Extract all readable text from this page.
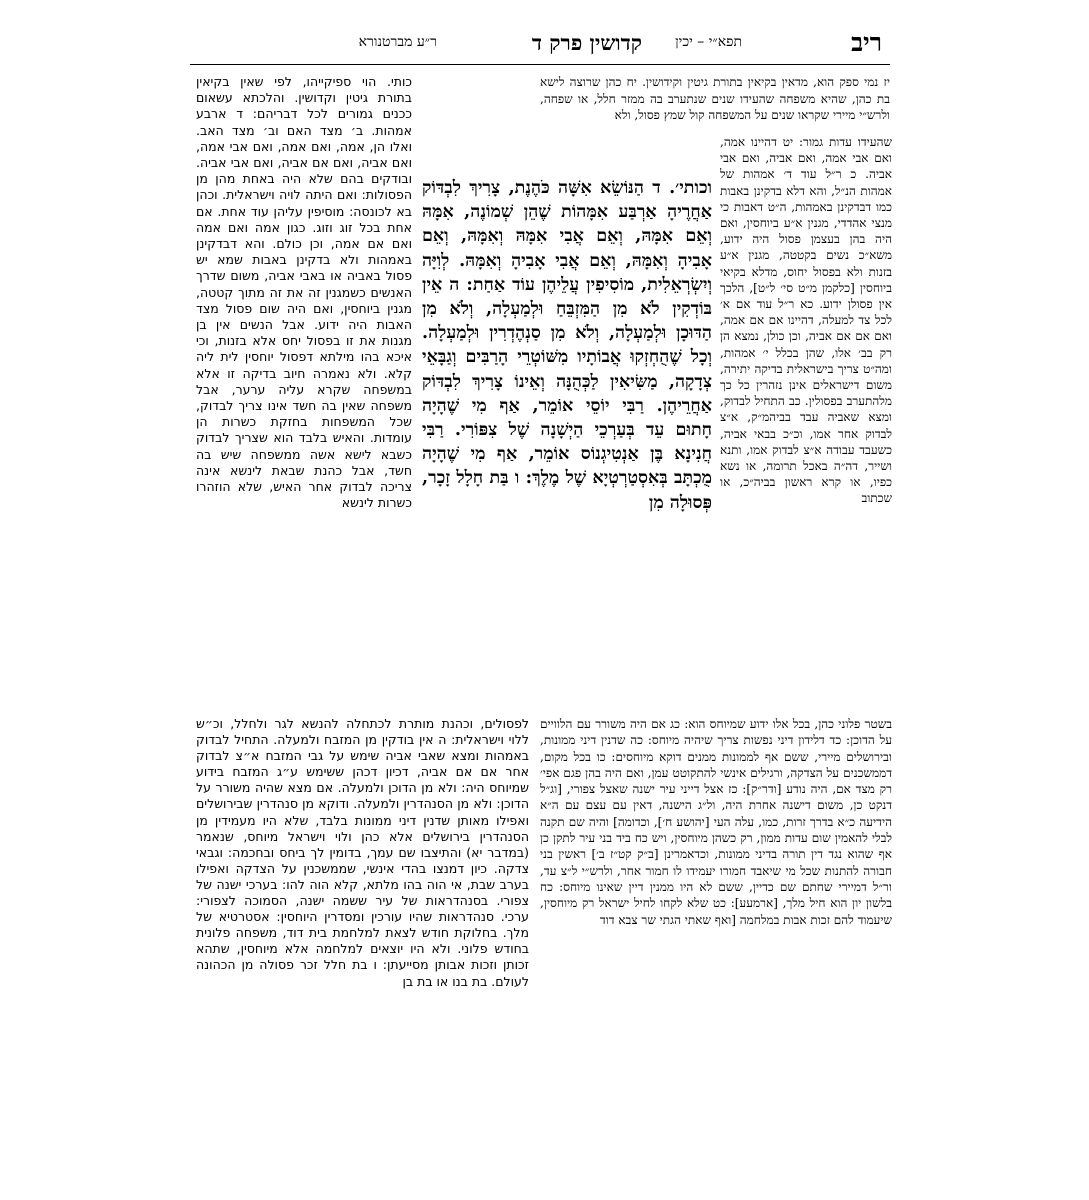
ריב
תפא״י – יכין
קדושין פרק ד
ר״ע מברטנורא

יז נמי ספק הוא, מדאין בקיאין בתורת גיטין וקידושין. יח כהן שרוצה לישא בת כהן, שהיא משפחה שהעידו שנים שנתערב בה ממזר חלל, או שפחה, ולרש״י מיירי שקראו שנים על המשפחה קול שמץ פסול, ולא

כותי. הוי ספיקייהו, לפי שאין בקיאין בתורת גיטין וקדושין. והלכתא עשאום ככנים גמורים לכל דבריהם: ד ארבע אמהות. ב׳ מצד האם וב׳ מצד האב. ואלו הן, אמה, ואם אמה, ואם אבי אמה, ואם אביה, ואם אם אביה, ואם אבי אביה. ובודקים בהם שלא היה באחת מהן מן הפסולות: ואם היתה לויה וישראלית. וכהן בא לכונסה: מוסיפין עליהן עוד אחת. אם אחת בכל זוג וזוג. כגון אמה ואם אמה ואם אם אמה, וכן כולם. והא דבדקינן באמהות ולא בדקינן באבות שמא יש פסול באביה או באבי אביה, משום שדרך האנשים כשמגנין זה את זה מתוך קטטה, מגנין ביוחסין, ואם היה שום פסול מצד האבות היה ידוע. אבל הנשים אין בן מגנות את זו בפסול יחס אלא בזנות, וכי איכא בהו מילתא דפסול יוחסין לית ליה קלא. ולא נאמרה חיוב בדיקה זו אלא במשפחה שקרא עליה ערער, אבל משפחה שאין בה חשד אינו צריך לבדוק, שכל המשפחות בחזקת כשרות הן עומדות. והאיש בלבד הוא שצריך לבדוק כשבא לישא אשה ממשפחה שיש בה חשד, אבל כהנת שבאת לינשא אינה צריכה לבדוק אחר האיש, שלא הוזהרו כשרות לינשא

וכותי׳. ד הַנּוֹשֵׂא אִשָּׁה כֹּהֶנֶת, צָרִיךְ לִבְדּוֹק אַחֲרֶיהָ אַרְבַּע אִמָּהוֹת שֶׁהֵן שְׁמוֹנֶה, אִמָּהּ וְאֵם אִמָּהּ, וְאֵם אֲבִי אִמָּהּ וְאִמָּהּ, וְאֵם אָבִיהָ וְאִמָּהּ, וְאֵם אֲבִי אָבִיהָ וְאִמָּהּ. לְוִיָּה וְיִשְׂרְאֵלִית, מוֹסִיפִין עֲלֵיהֶן עוֹד אַחַת: ה אֵין בּוֹדְקִין לֹא מִן הַמִּזְבֵּחַ וּלְמַעְלָה, וְלֹא מִן הַדּוּכָן וּלְמַעְלָה, וְלֹא מִן סַנְהֶדְרִין וּלְמַעְלָה. וְכָל שֶׁהֻחְזְקוּ אֲבוֹתָיו מִשּׁוֹטְרֵי הָרַבִּים וְגַבָּאֵי צְדָקָה, מַשִּׂיאִין לַכְּהֻנָּה וְאֵינוֹ צָרִיךְ לִבְדּוֹק אַחֲרֵיהֶן. רַבִּי יוֹסֵי אוֹמֵר, אַף מִי שֶׁהָיָה חָתוּם עֵד בְּעַרְכֵי הַיְשָׁנָה שֶׁל צִפּוֹרִי. רַבִּי חֲנִינָא בֶּן אַנְטִיגְנוֹס אוֹמֵר, אַף מִי שֶׁהָיָה מֻכְתָּב בְּאִסְטַרְטְיָא שֶׁל מֶלֶךְ: ו בַּת חָלָל זָכָר, פְּסוּלָה מִן

שהעידו עדות גמור: יט דהיינו אמה, ואם אבי אמה, ואם אביה, ואם אבי אביה. כ ר״ל עוד ד׳ אמהות של אמהות הנ״ל, והא דלא בדקינן באבות כמו דבדקינן באמהות, ה״ט דאבות כי מנצי אהדדי, מגנין א״ע ביוחסין, ואם היה בהן בעצמן פסול היה ידוע, משא״כ נשים בקטטה, מגנין א״ע בזנות ולא בפסול יחוס, מדלא בקיאי ביוחסין [כלקמן מ״ט סי׳ ל״ט], הלכך אין פסולן ידוע. כא ר״ל עוד אם א׳ לכל צד למעלה, דהיינו אם אם אמה, ואם אם אם אביה, וכן כולן, נמצא הן רק בב׳ אלו, שהן בכלל י׳ אמהות, ומה״ט צריך בישראלית בדיקה יתירה, משום דישראלים אינן נזהרין כל כך מלהתערב בפסולין. כב התחיל לבדוק, ומצא שאביה עבד בביהמ״ק, א״צ לבדוק אחר אמו, וכ״כ בבאי אביה, כשעבד עבודה א״צ לבדוק אמו, ותנא ושייר, דה״ה באכל תרומה, או נשא כפיו, או קרא ראשון בביה״כ, או שכתוב

בשטר פלוני כהן, בכל אלו ידוע שמיוחס הוא: כג אם היה משורר עם הלוויים על הדוכן: כד דלידון דיני נפשות צריך שיהיה מיוחס: כה שדנין דיני ממונות, ובירושלים מיירי, ששם אף לממונות ממנים דוקא מיוחסים: כו בכל מקום, דממשכנים על הצדקה, ורגילים אינשי להתקוטט עמן, ואם היה בהן פגם אפי׳ רק מצד אם, היה נודע [ודר״ק]: כז אצל דייני עיר ישנה שאצל צפורי, [וג״ל דנקט כן, משום דישנה אחרת היה, ול״ג הישנה, דאין עם עצם עם ה״א הידיעה כ״א בדרך זרות, כמו, עלה העי [יהושע ח׳], וכדומה] והיה שם תקנה לבלי להאמין שום עדות ממון, רק כשהן מיוחסין, ויש כח ביד בני עיר לתקן כן אף שהוא נגד דין תורה בדיני ממונות, וכדאמרינן [ב״ק קט״ז ב׳] ראשין בני חבורה להתנות שכל מי שיאבד חמורו יעמידו לו חמור אחר, ולרש״י ל״צ עד, ור״ל דמיירי שחתם שם כדיין, ששם לא היו ממנין דיין שאינו מיוחס: כח בלשון יון הוא חיל מלך, [ארמעע]: כט שלא לקחו לחיל ישראל רק מיוחסין, שיעמוד להם זכות אבות במלחמה [ואף שאתי הגתי שר צבא דוד

לפסולים, וכהנת מותרת לכתחלה להנשא לגר ולחלל, וכ״ש ללוי וישראלית: ה אין בודקין מן המזבח ולמעלה. התחיל לבדוק באמהות ומצא שאבי אביה שימש על גבי המזבח א״צ לבדוק אחר אם אם אביה, דכיון דכהן ששימש ע״ג המזבח בידוע שמיוחס היה: ולא מן הדוכן ולמעלה. אם מצא שהיה משורר על הדוכן: ולא מן הסנהדרין ולמעלה. ודוקא מן סנהדרין שבירושלים ואפילו מאותן שדנין דיני ממונות בלבד, שלא היו מעמידין מן הסנהדרין בירושלים אלא כהן ולוי וישראל מיוחס, שנאמר (במדבר יא) והתיצבו שם עמך, בדומין לך ביחס ובחכמה: וגבאי צדקה. כיון דמנצו בהדי אינשי, שממשכנין על הצדקה ואפילו בערב שבת, אי הוה בהו מלתא, קלא הוה להו: בערכי ישנה של צפורי. בסנהדראות של עיר ששמה ישנה, הסמוכה לצפורי: ערכי. סנהדראות שהיו עורכין ומסדרין היוחסין: אסטרטיא של מלך. בחלוקת חודש לצאת למלחמת בית דוד, משפחה פלונית בחודש פלוני. ולא היו יוצאים למלחמה אלא מיוחסין, שתהא זכותן וזכות אבותן מסייעתן: ו בת חלל זכר פסולה מן הכהונה לעולם. בת בנו או בת בן
